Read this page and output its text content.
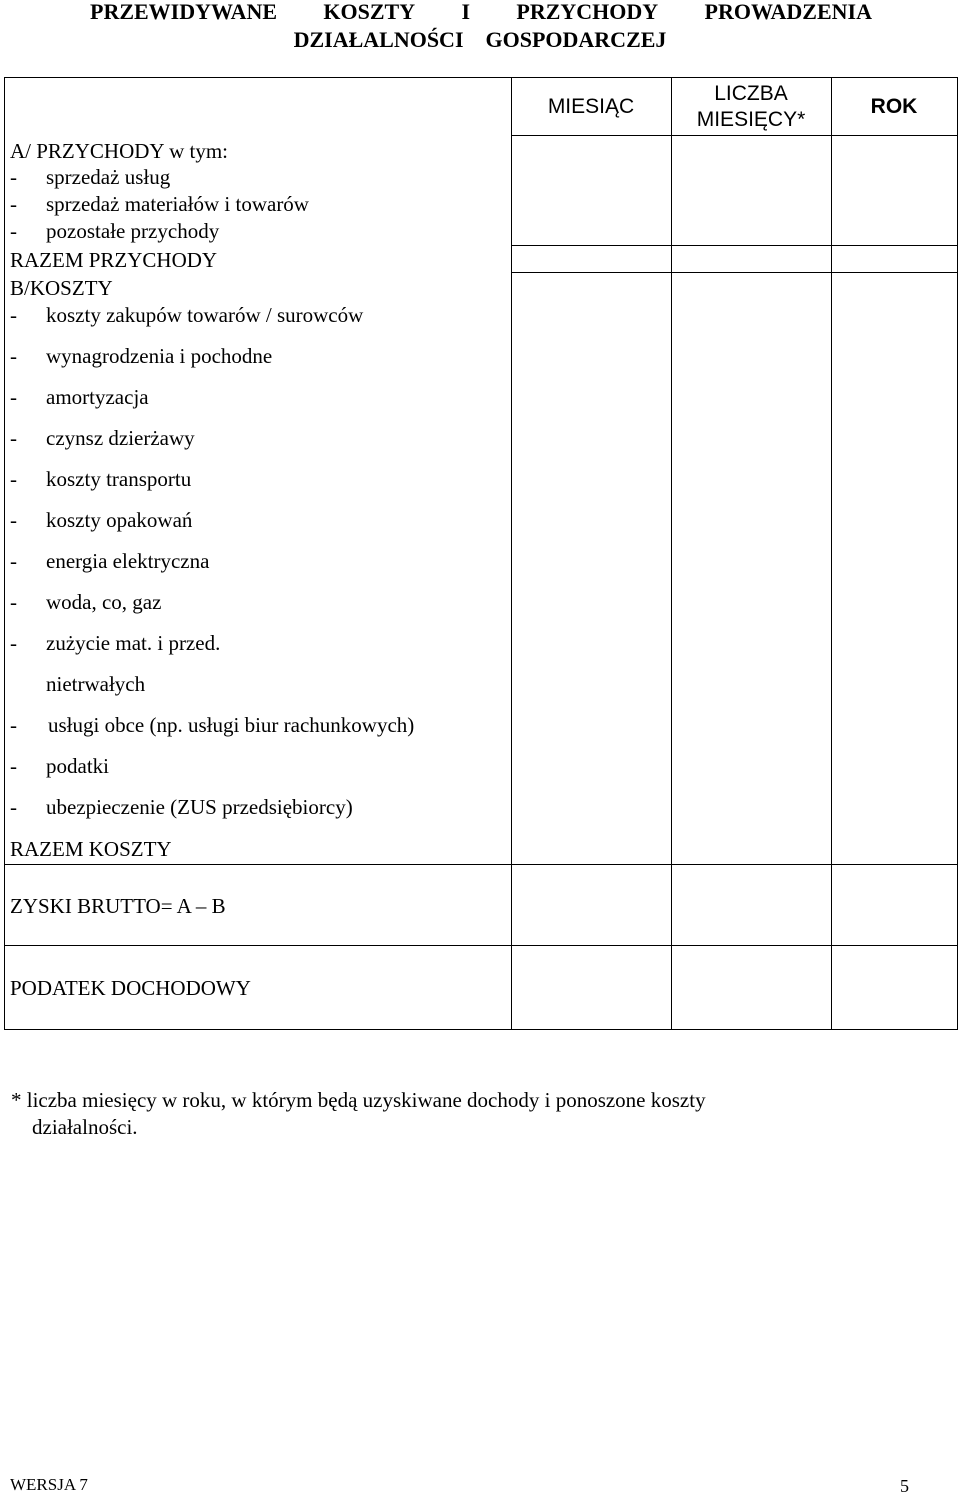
PRZEWIDYWANE KOSZTY I PRZYCHODY PROWADZENIA
DZIAŁALNOŚCI    GOSPODARCZEJ
MIESIĄC
LICZBA
MIESIĘCY*
ROK
A/ PRZYCHODY w tym:
- sprzedaż usług
- sprzedaż materiałów i towarów
- pozostałe przychody
RAZEM PRZYCHODY
B/KOSZTY
- koszty zakupów towarów / surowców
- wynagrodzenia i pochodne
- amortyzacja
- czynsz dzierżawy
- koszty transportu
- koszty opakowań
- energia elektryczna
- woda, co, gaz
- zużycie mat. i przed.
nietrwałych
- usługi obce (np. usługi biur rachunkowych)
- podatki
- ubezpieczenie (ZUS przedsiębiorcy)
RAZEM KOSZTY
ZYSKI BRUTTO= A – B
PODATEK DOCHODOWY
* liczba miesięcy w roku, w którym będą uzyskiwane dochody i ponoszone koszty
działalności.
WERSJA 7	5
